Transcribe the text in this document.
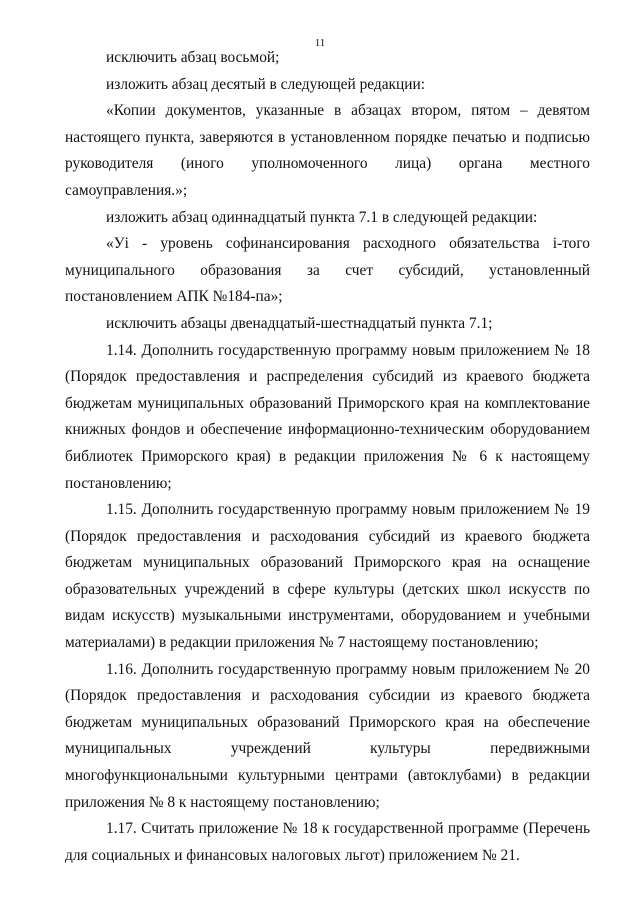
11

исключить абзац восьмой;

изложить абзац десятый в следующей редакции:

«Копии документов, указанные в абзацах втором, пятом – девятом настоящего пункта, заверяются в установленном порядке печатью и подписью руководителя (иного уполномоченного лица) органа местного самоуправления.»;

изложить абзац одиннадцатый пункта 7.1 в следующей редакции:

«Уi - уровень софинансирования расходного обязательства i-того муниципального образования за счет субсидий, установленный постановлением АПК №184-па»;

исключить абзацы двенадцатый-шестнадцатый пункта 7.1;

1.14. Дополнить государственную программу новым приложением № 18 (Порядок предоставления и распределения субсидий из краевого бюджета бюджетам муниципальных образований Приморского края на комплектование книжных фондов и обеспечение информационно-техническим оборудованием библиотек Приморского края) в редакции приложения № 6 к настоящему постановлению;

1.15. Дополнить государственную программу новым приложением № 19 (Порядок предоставления и расходования субсидий из краевого бюджета бюджетам муниципальных образований Приморского края на оснащение образовательных учреждений в сфере культуры (детских школ искусств по видам искусств) музыкальными инструментами, оборудованием и учебными материалами) в редакции приложения № 7 настоящему постановлению;

1.16. Дополнить государственную программу новым приложением № 20 (Порядок предоставления и расходования субсидии из краевого бюджета бюджетам муниципальных образований Приморского края на обеспечение муниципальных учреждений культуры передвижными многофункциональными культурными центрами (автоклубами) в редакции приложения № 8 к настоящему постановлению;

1.17. Считать приложение № 18 к государственной программе (Перечень для социальных и финансовых налоговых льгот) приложением № 21.
